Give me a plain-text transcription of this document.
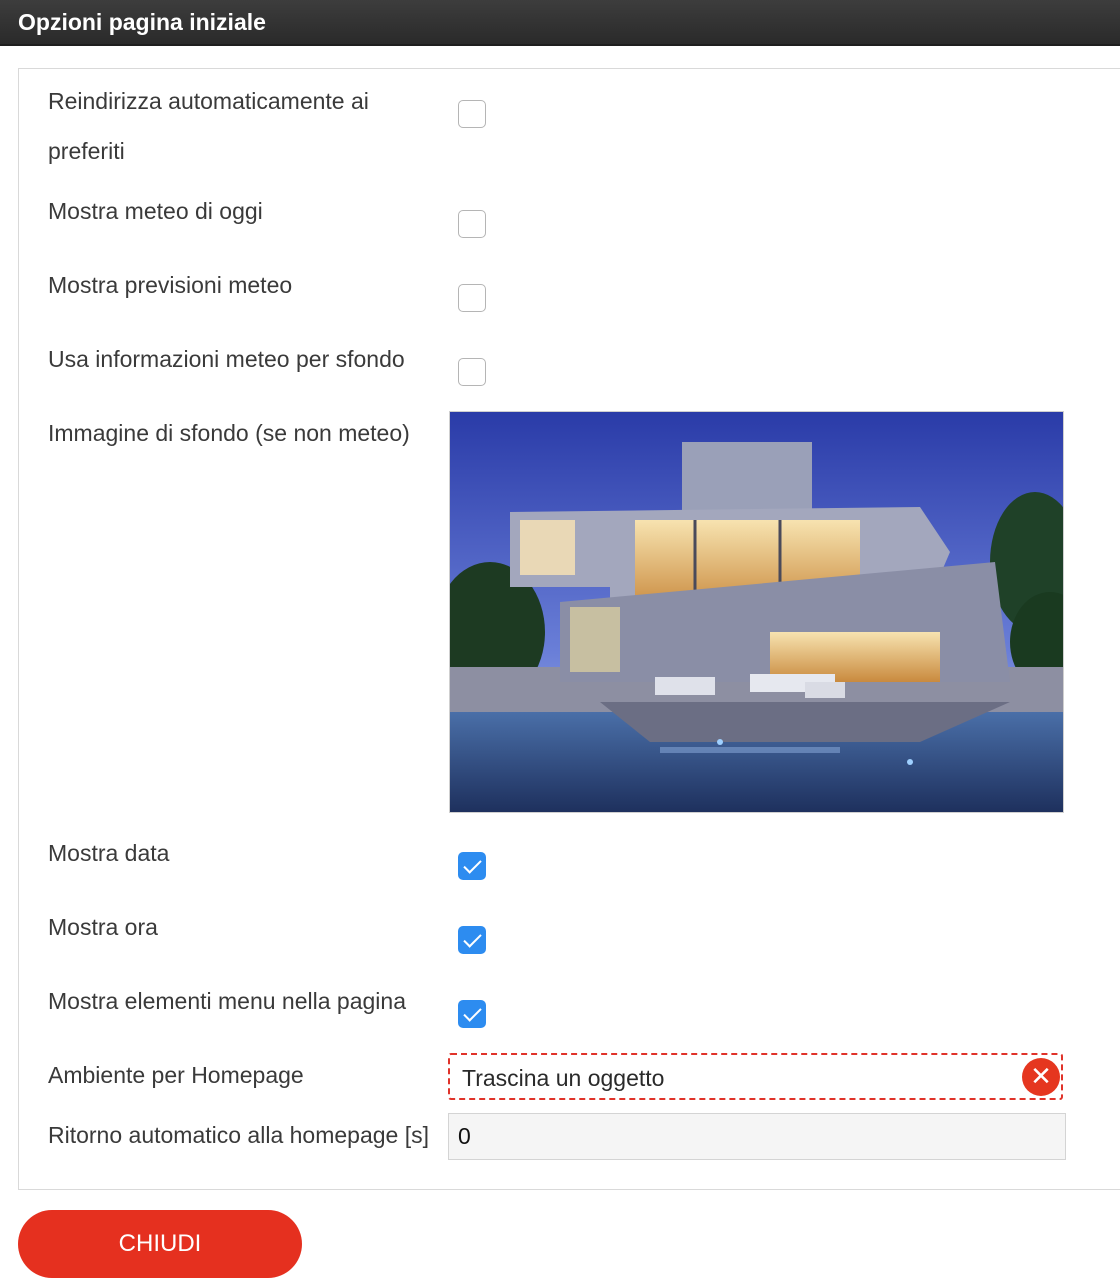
Opzioni pagina iniziale
Reindirizza automaticamente ai preferiti
Mostra meteo di oggi
Mostra previsioni meteo
Usa informazioni meteo per sfondo
Immagine di sfondo (se non meteo)
Mostra data
Mostra ora
Mostra elementi menu nella pagina
Ambiente per Homepage	Trascina un oggetto	✕
Ritorno automatico alla homepage [s]
0
CHIUDI
